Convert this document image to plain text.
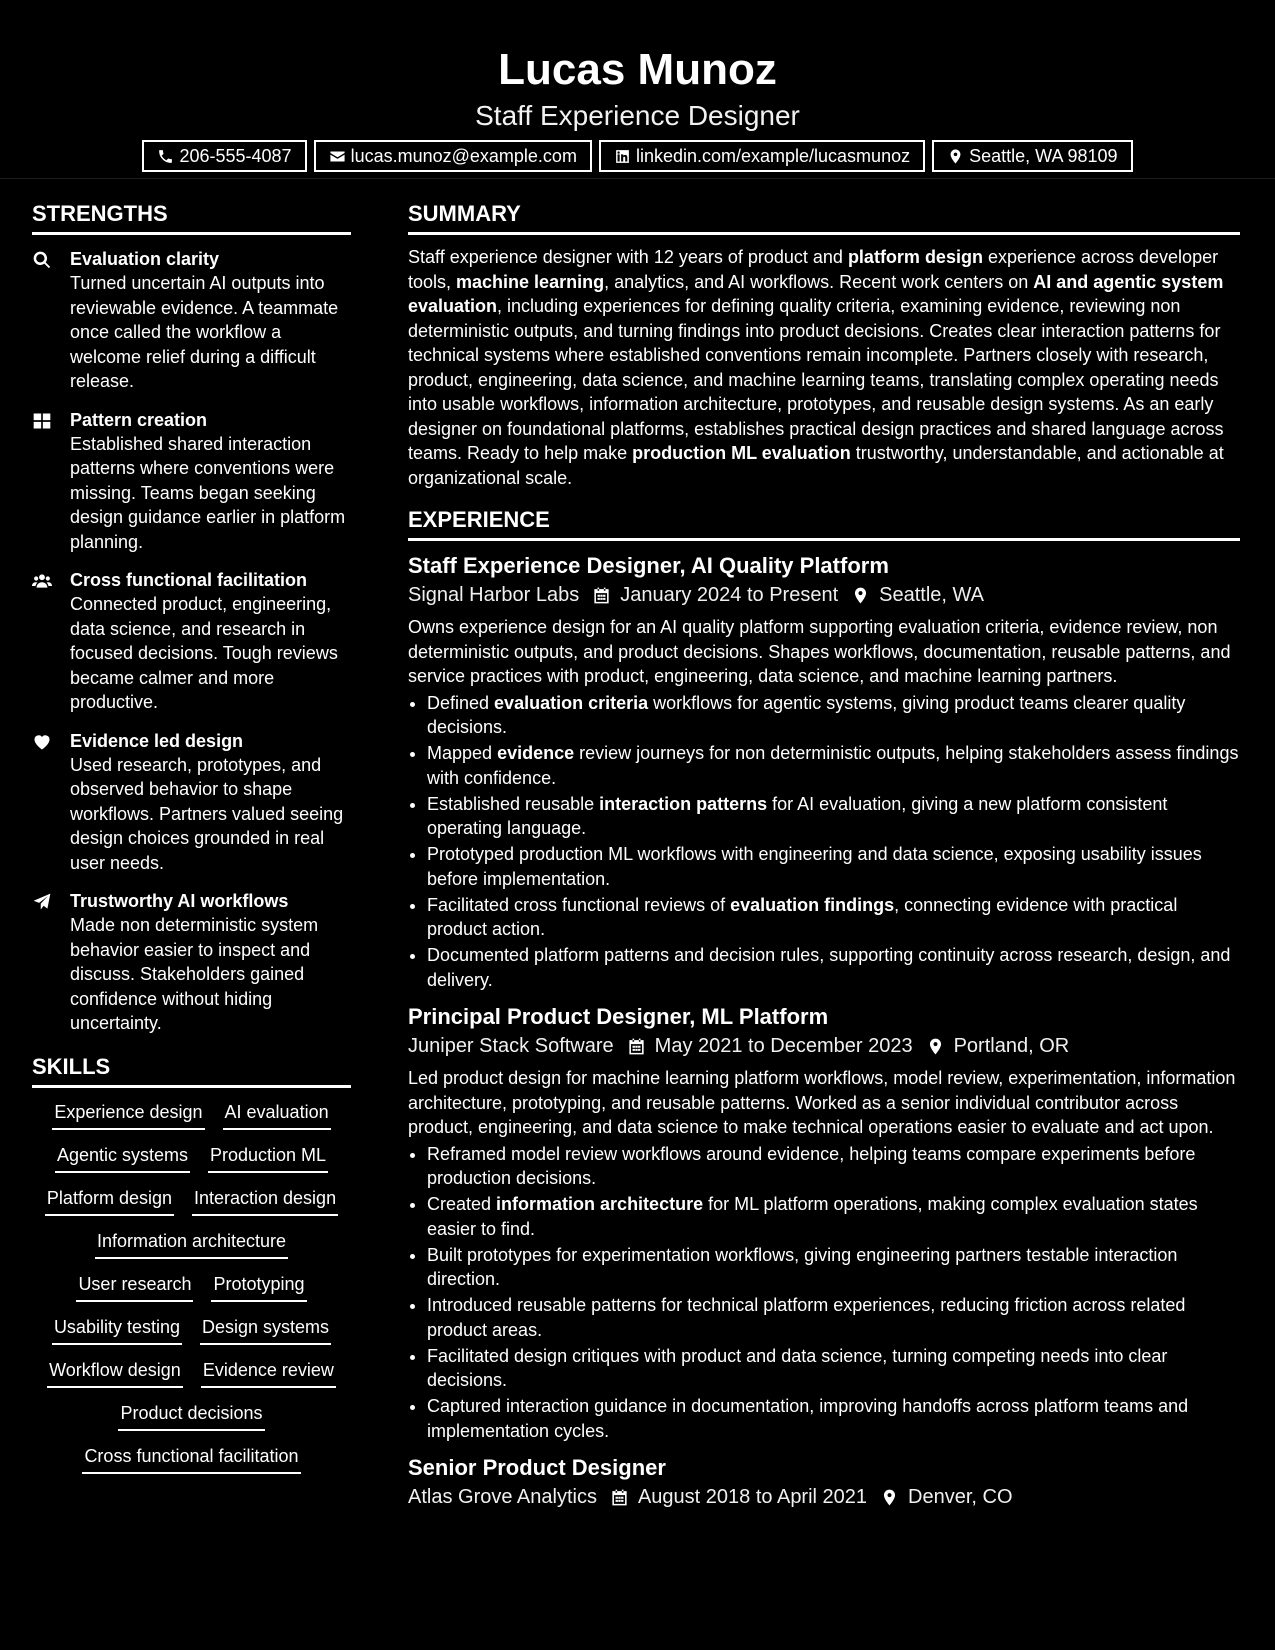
Lucas Munoz
Staff Experience Designer
206-555-4087	lucas.munoz@example.com	linkedin.com/example/lucasmunoz	Seattle, WA 98109
STRENGTHS
Evaluation clarity
Turned uncertain AI outputs into reviewable evidence. A teammate once called the workflow a welcome relief during a difficult release.
Pattern creation
Established shared interaction patterns where conventions were missing. Teams began seeking design guidance earlier in platform planning.
Cross functional facilitation
Connected product, engineering, data science, and research in focused decisions. Tough reviews became calmer and more productive.
Evidence led design
Used research, prototypes, and observed behavior to shape workflows. Partners valued seeing design choices grounded in real user needs.
Trustworthy AI workflows
Made non deterministic system behavior easier to inspect and discuss. Stakeholders gained confidence without hiding uncertainty.
SKILLS
Experience design AI evaluation
Agentic systems Production ML
Platform design Interaction design
Information architecture
User research Prototyping
Usability testing Design systems
Workflow design Evidence review
Product decisions
Cross functional facilitation
SUMMARY

Staff experience designer with 12 years of product and platform design experience across developer tools, machine learning, analytics, and AI workflows. Recent work centers on AI and agentic system evaluation, including experiences for defining quality criteria, examining evidence, reviewing non deterministic outputs, and turning findings into product decisions. Creates clear interaction patterns for technical systems where established conventions remain incomplete. Partners closely with research, product, engineering, data science, and machine learning teams, translating complex operating needs into usable workflows, information architecture, prototypes, and reusable design systems. As an early designer on foundational platforms, establishes practical design practices and shared language across teams. Ready to help make production ML evaluation trustworthy, understandable, and actionable at organizational scale.

EXPERIENCE
Staff Experience Designer, AI Quality Platform
Signal Harbor Labs January 2024 to Present Seattle, WA

Owns experience design for an AI quality platform supporting evaluation criteria, evidence review, non deterministic outputs, and product decisions. Shapes workflows, documentation, reusable patterns, and service practices with product, engineering, data science, and machine learning partners.

• Defined evaluation criteria workflows for agentic systems, giving product teams clearer quality decisions.
• Mapped evidence review journeys for non deterministic outputs, helping stakeholders assess findings with confidence.
• Established reusable interaction patterns for AI evaluation, giving a new platform consistent operating language.
• Prototyped production ML workflows with engineering and data science, exposing usability issues before implementation.
• Facilitated cross functional reviews of evaluation findings, connecting evidence with practical product action.
• Documented platform patterns and decision rules, supporting continuity across research, design, and delivery.
Principal Product Designer, ML Platform
Juniper Stack Software May 2021 to December 2023 Portland, OR

Led product design for machine learning platform workflows, model review, experimentation, information architecture, prototyping, and reusable patterns. Worked as a senior individual contributor across product, engineering, and data science to make technical operations easier to evaluate and act upon.

• Reframed model review workflows around evidence, helping teams compare experiments before production decisions.
• Created information architecture for ML platform operations, making complex evaluation states easier to find.
• Built prototypes for experimentation workflows, giving engineering partners testable interaction direction.
• Introduced reusable patterns for technical platform experiences, reducing friction across related product areas.
• Facilitated design critiques with product and data science, turning competing needs into clear decisions.
• Captured interaction guidance in documentation, improving handoffs across platform teams and implementation cycles.
Senior Product Designer
Atlas Grove Analytics August 2018 to April 2021 Denver, CO
